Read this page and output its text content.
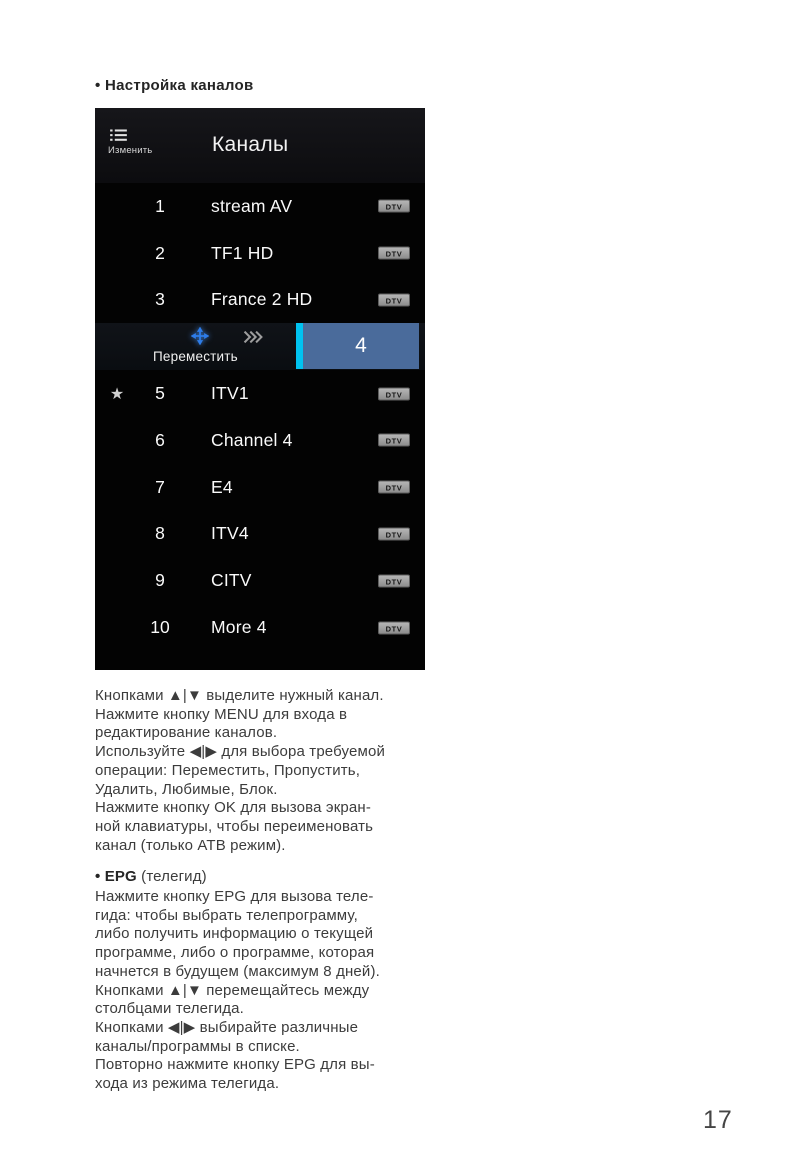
• Настройка каналов
Изменить	Каналы
1	stream AV	DTV
2	TF1 HD	DTV
3	France 2 HD	DTV
Переместить	4
★	5	ITV1	DTV
6	Channel 4	DTV
7	E4	DTV
8	ITV4	DTV
9	CITV	DTV
10	More 4	DTV
Кнопками ▲|▼ выделите нужный канал.
Нажмите кнопку MENU для входа в
редактирование каналов.
Используйте ◀|▶ для выбора требуемой
операции: Переместить, Пропустить,
Удалить, Любимые, Блок.
Нажмите кнопку OK для вызова экран-
ной клавиатуры, чтобы переименовать
канал (только АТВ режим).
• EPG (телегид)
Нажмите кнопку EPG для вызова теле-
гида: чтобы выбрать телепрограмму,
либо получить информацию о текущей
программе, либо о программе, которая
начнется в будущем (максимум 8 дней).
Кнопками ▲|▼ перемещайтесь между
столбцами телегида.
Кнопками ◀|▶ выбирайте различные
каналы/программы в списке.
Повторно нажмите кнопку EPG для вы-
хода из режима телегида.
17
